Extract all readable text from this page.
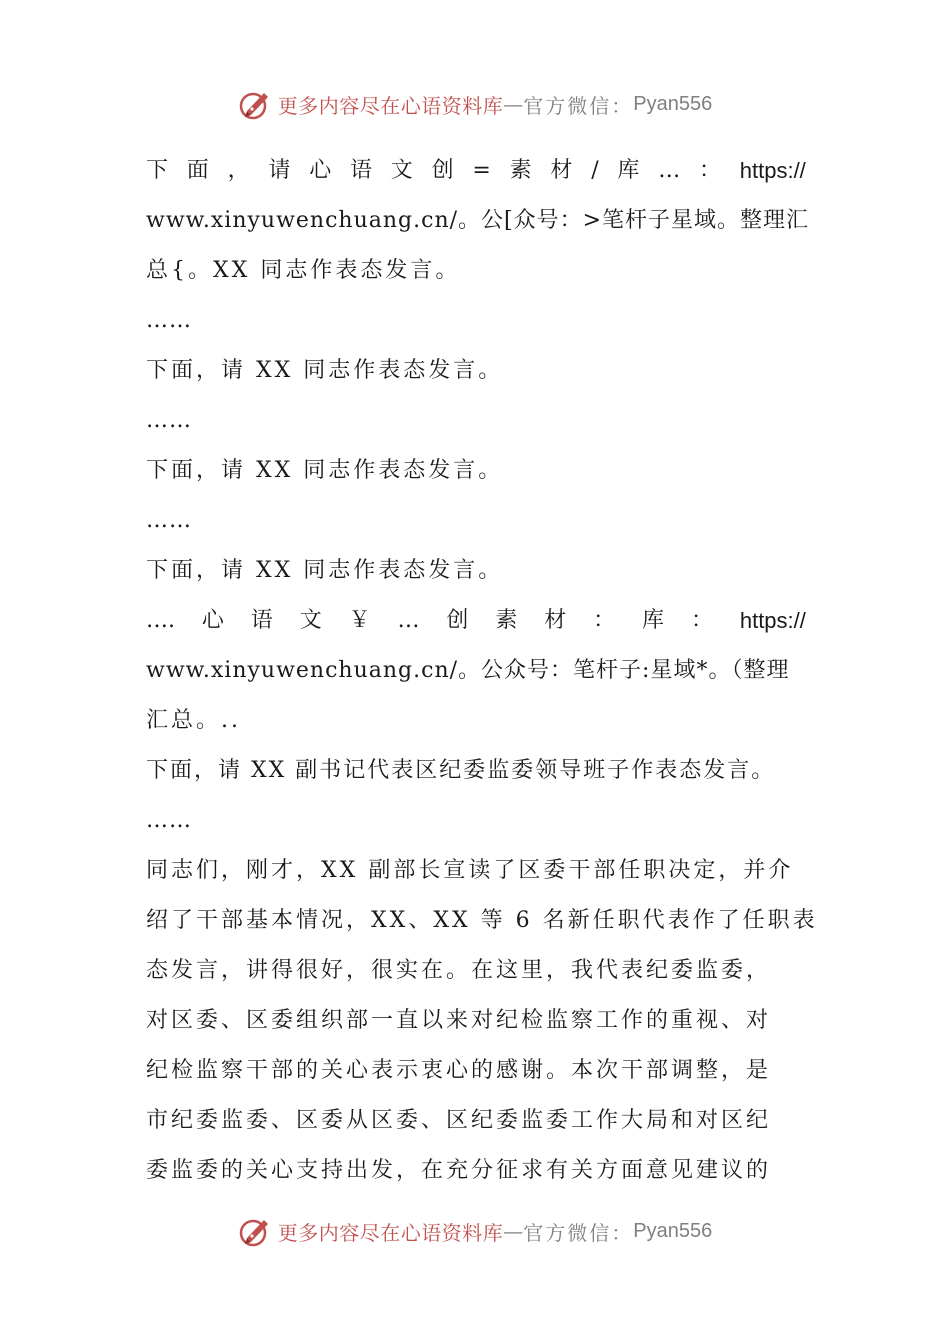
更多内容尽在心语资料库 — 官方微信： Pyan556
下 面 ， 请 心 语 文 创 = 素 材 / 库 … ： https://
www.xinyuwenchuang.cn/。公[众号：>笔杆子星域。整理汇
总{。XX 同志作表态发言。
……
下面，请 XX 同志作表态发言。
……
下面，请 XX 同志作表态发言。
……
下面，请 XX 同志作表态发言。
…. 心 语 文 ￥ … 创 素 材 ： 库 ： https://
www.xinyuwenchuang.cn/。公众号：笔杆子:星域*。（整理
汇总。..
下面，请 XX 副书记代表区纪委监委领导班子作表态发言。
……
同志们，刚才，XX 副部长宣读了区委干部任职决定，并介
绍了干部基本情况，XX、XX 等 6 名新任职代表作了任职表
态发言，讲得很好，很实在。在这里，我代表纪委监委，
对区委、区委组织部一直以来对纪检监察工作的重视、对
纪检监察干部的关心表示衷心的感谢。本次干部调整，是
市纪委监委、区委从区委、区纪委监委工作大局和对区纪
委监委的关心支持出发，在充分征求有关方面意见建议的
更多内容尽在心语资料库 — 官方微信： Pyan556
